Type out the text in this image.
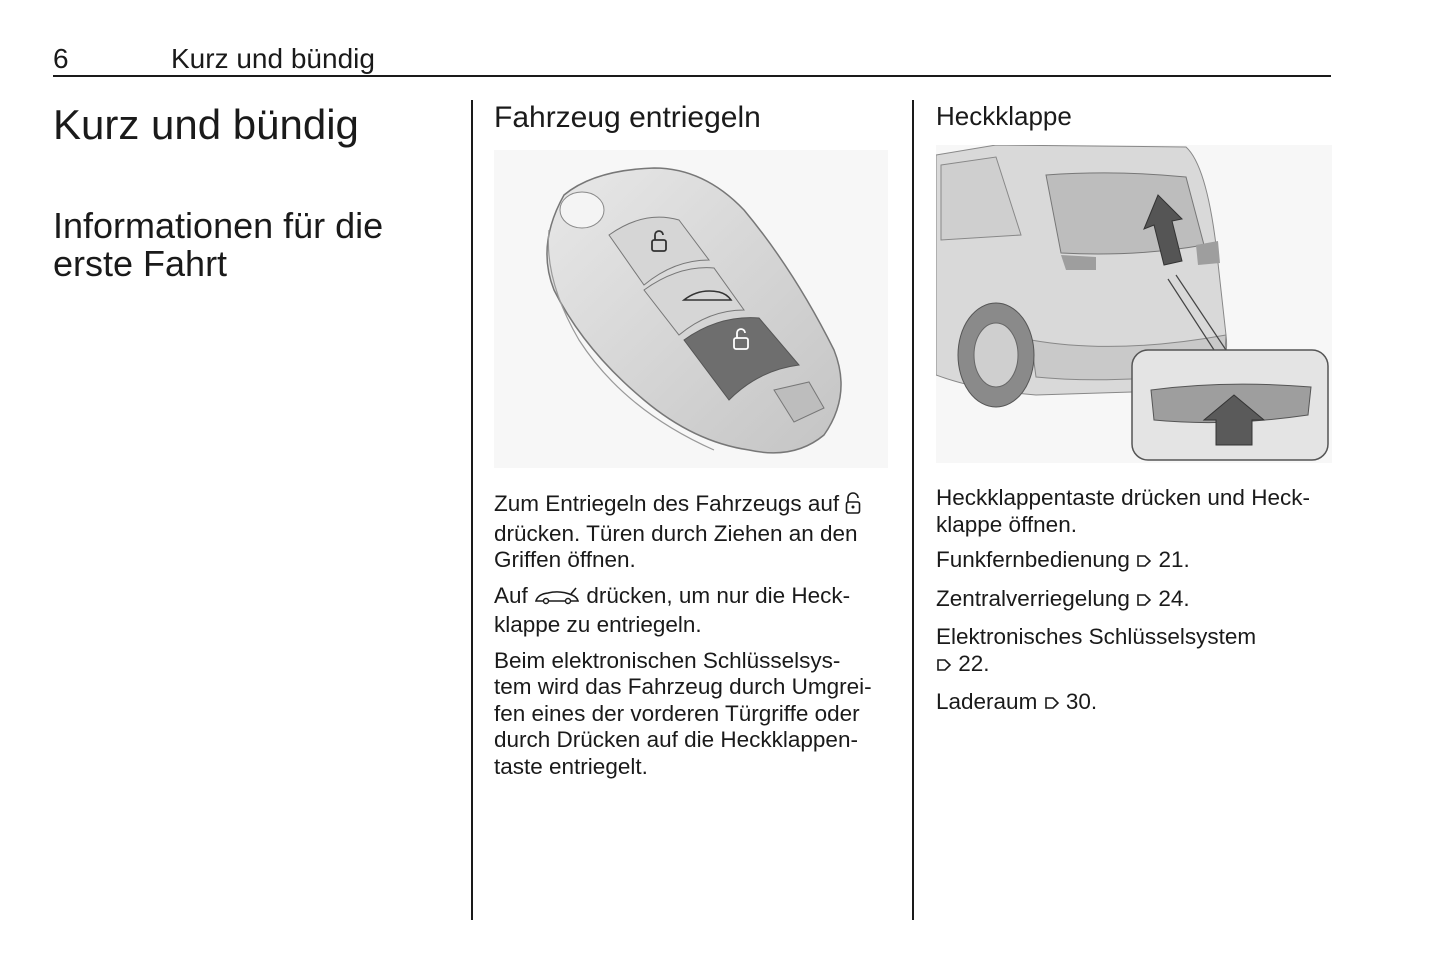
6	Kurz und bündig
Kurz und bündig
Informationen für die erste Fahrt
Fahrzeug entriegeln

Zum Entriegeln des Fahrzeugs auf
drücken. Türen durch Ziehen an den
Griffen öffnen.

Auf	drücken, um nur die Heck-
klappe zu entriegeln.

Beim elektronischen Schlüsselsys-
tem wird das Fahrzeug durch Umgrei-
fen eines der vorderen Türgriffe oder
durch Drücken auf die Heckklappen-
taste entriegelt.

Heckklappe

Heckklappentaste drücken und Heck-
klappe öffnen.

Funkfernbedienung 21.

Zentralverriegelung 24.

Elektronisches Schlüsselsystem
22.

Laderaum 30.
